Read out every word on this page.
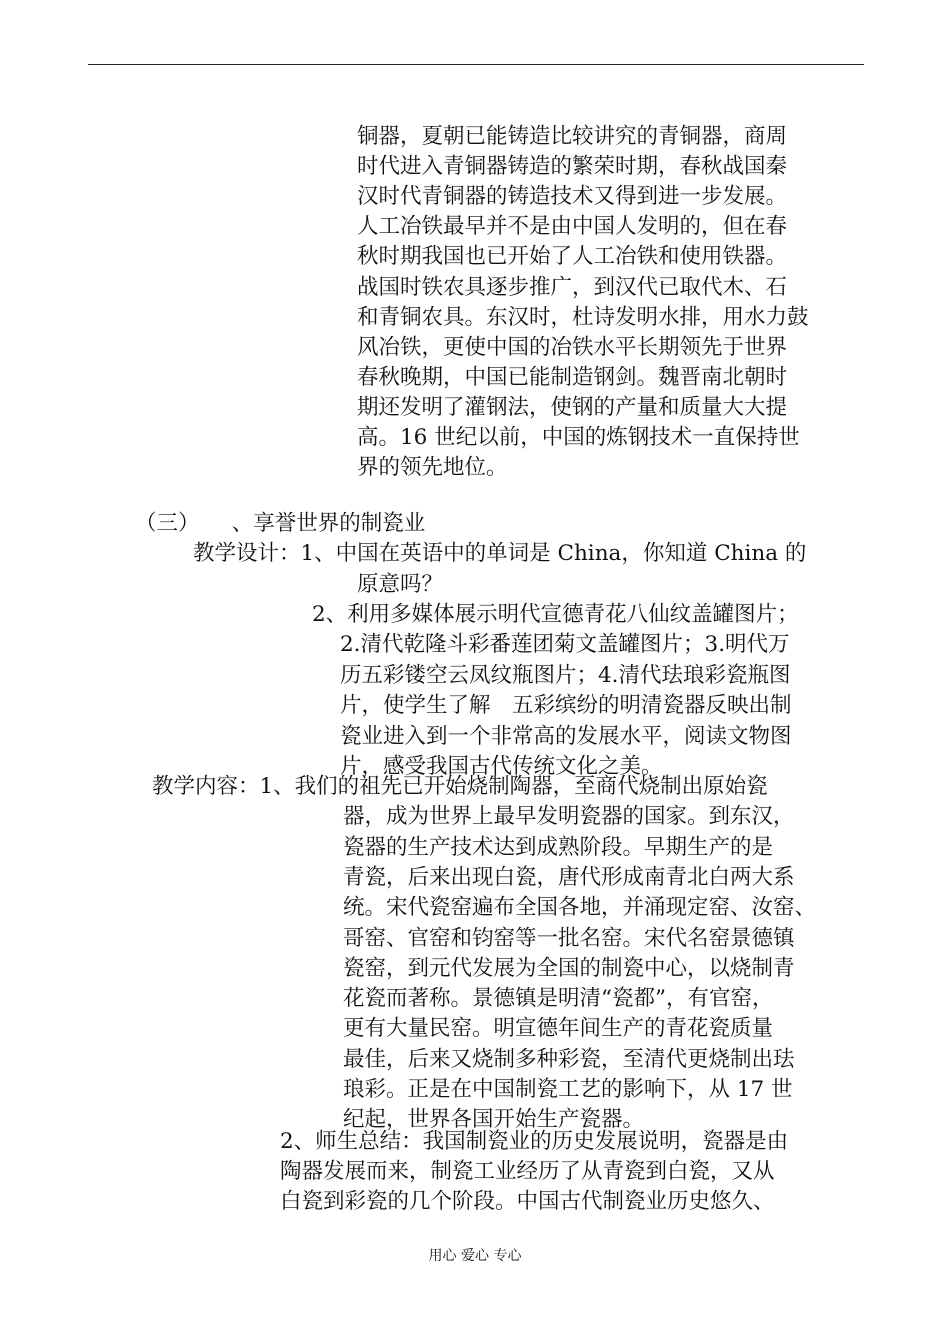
铜器，夏朝已能铸造比较讲究的青铜器，商周
时代进入青铜器铸造的繁荣时期，春秋战国秦
汉时代青铜器的铸造技术又得到进一步发展。
人工冶铁最早并不是由中国人发明的，但在春
秋时期我国也已开始了人工冶铁和使用铁器。
战国时铁农具逐步推广，到汉代已取代木、石
和青铜农具。东汉时，杜诗发明水排，用水力鼓
风冶铁，更使中国的冶铁水平长期领先于世界
春秋晚期，中国已能制造钢剑。魏晋南北朝时
期还发明了灌钢法，使钢的产量和质量大大提
高。16 世纪以前，中国的炼钢技术一直保持世
界的领先地位。
（三）　　、享誉世界的制瓷业
教学设计：1、中国在英语中的单词是 China，你知道 China 的
原意吗？
2、利用多媒体展示明代宣德青花八仙纹盖罐图片；
2.清代乾隆斗彩番莲团菊文盖罐图片；3.明代万
历五彩镂空云凤纹瓶图片；4.清代珐琅彩瓷瓶图
片，使学生了解　五彩缤纷的明清瓷器反映出制
瓷业进入到一个非常高的发展水平，阅读文物图
片，感受我国古代传统文化之美。
教学内容：1、我们的祖先已开始烧制陶器，至商代烧制出原始瓷
器，成为世界上最早发明瓷器的国家。到东汉，
瓷器的生产技术达到成熟阶段。早期生产的是
青瓷，后来出现白瓷，唐代形成南青北白两大系
统。宋代瓷窑遍布全国各地，并涌现定窑、汝窑、
哥窑、官窑和钧窑等一批名窑。宋代名窑景德镇
瓷窑，到元代发展为全国的制瓷中心，以烧制青
花瓷而著称。景德镇是明清“瓷都”，有官窑，
更有大量民窑。明宣德年间生产的青花瓷质量
最佳，后来又烧制多种彩瓷，至清代更烧制出珐
琅彩。正是在中国制瓷工艺的影响下，从 17 世
纪起，世界各国开始生产瓷器。
2、师生总结：我国制瓷业的历史发展说明，瓷器是由
陶器发展而来，制瓷工业经历了从青瓷到白瓷，又从
白瓷到彩瓷的几个阶段。中国古代制瓷业历史悠久、
用心 爱心 专心
